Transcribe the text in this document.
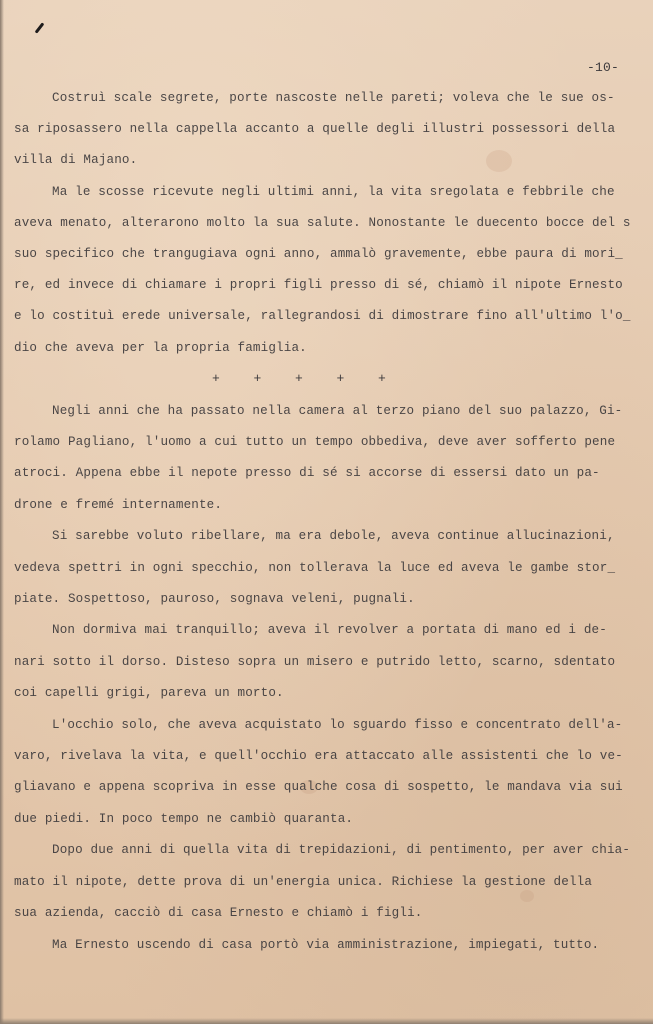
-10-
Costruì scale segrete, porte nascoste nelle pareti; voleva che le sue os-
sa riposassero nella cappella accanto a quelle degli illustri possessori della
villa di Majano.
Ma le scosse ricevute negli ultimi anni, la vita sregolata e febbrile che
aveva menato, alterarono molto la sua salute. Nonostante le duecento bocce del s
suo specifico che trangugiava ogni anno, ammalò gravemente, ebbe paura di mori_
re, ed invece di chiamare i propri figli presso di sé, chiamò il nipote Ernesto
e lo costituì erede universale, rallegrandosi di dimostrare fino all'ultimo l'o_
dio che aveva per la propria famiglia.
+    +    +    +    +
Negli anni che ha passato nella camera al terzo piano del suo palazzo, Gi-
rolamo Pagliano, l'uomo a cui tutto un tempo obbediva, deve aver sofferto pene
atroci. Appena ebbe il nepote presso di sé si accorse di essersi dato un pa-
drone e fremé internamente.
Si sarebbe voluto ribellare, ma era debole, aveva continue allucinazioni,
vedeva spettri in ogni specchio, non tollerava la luce ed aveva le gambe stor_
piate. Sospettoso, pauroso, sognava veleni, pugnali.
Non dormiva mai tranquillo; aveva il revolver a portata di mano ed i de-
nari sotto il dorso. Disteso sopra un misero e putrido letto, scarno, sdentato
coi capelli grigi, pareva un morto.
L'occhio solo, che aveva acquistato lo sguardo fisso e concentrato dell'a-
varo, rivelava la vita, e quell'occhio era attaccato alle assistenti che lo ve-
gliavano e appena scopriva in esse qualche cosa di sospetto, le mandava via sui
due piedi. In poco tempo ne cambiò quaranta.
Dopo due anni di quella vita di trepidazioni, di pentimento, per aver chia-
mato il nipote, dette prova di un'energia unica. Richiese la gestione della
sua azienda, cacciò di casa Ernesto e chiamò i figli.
Ma Ernesto uscendo di casa portò via amministrazione, impiegati, tutto.
